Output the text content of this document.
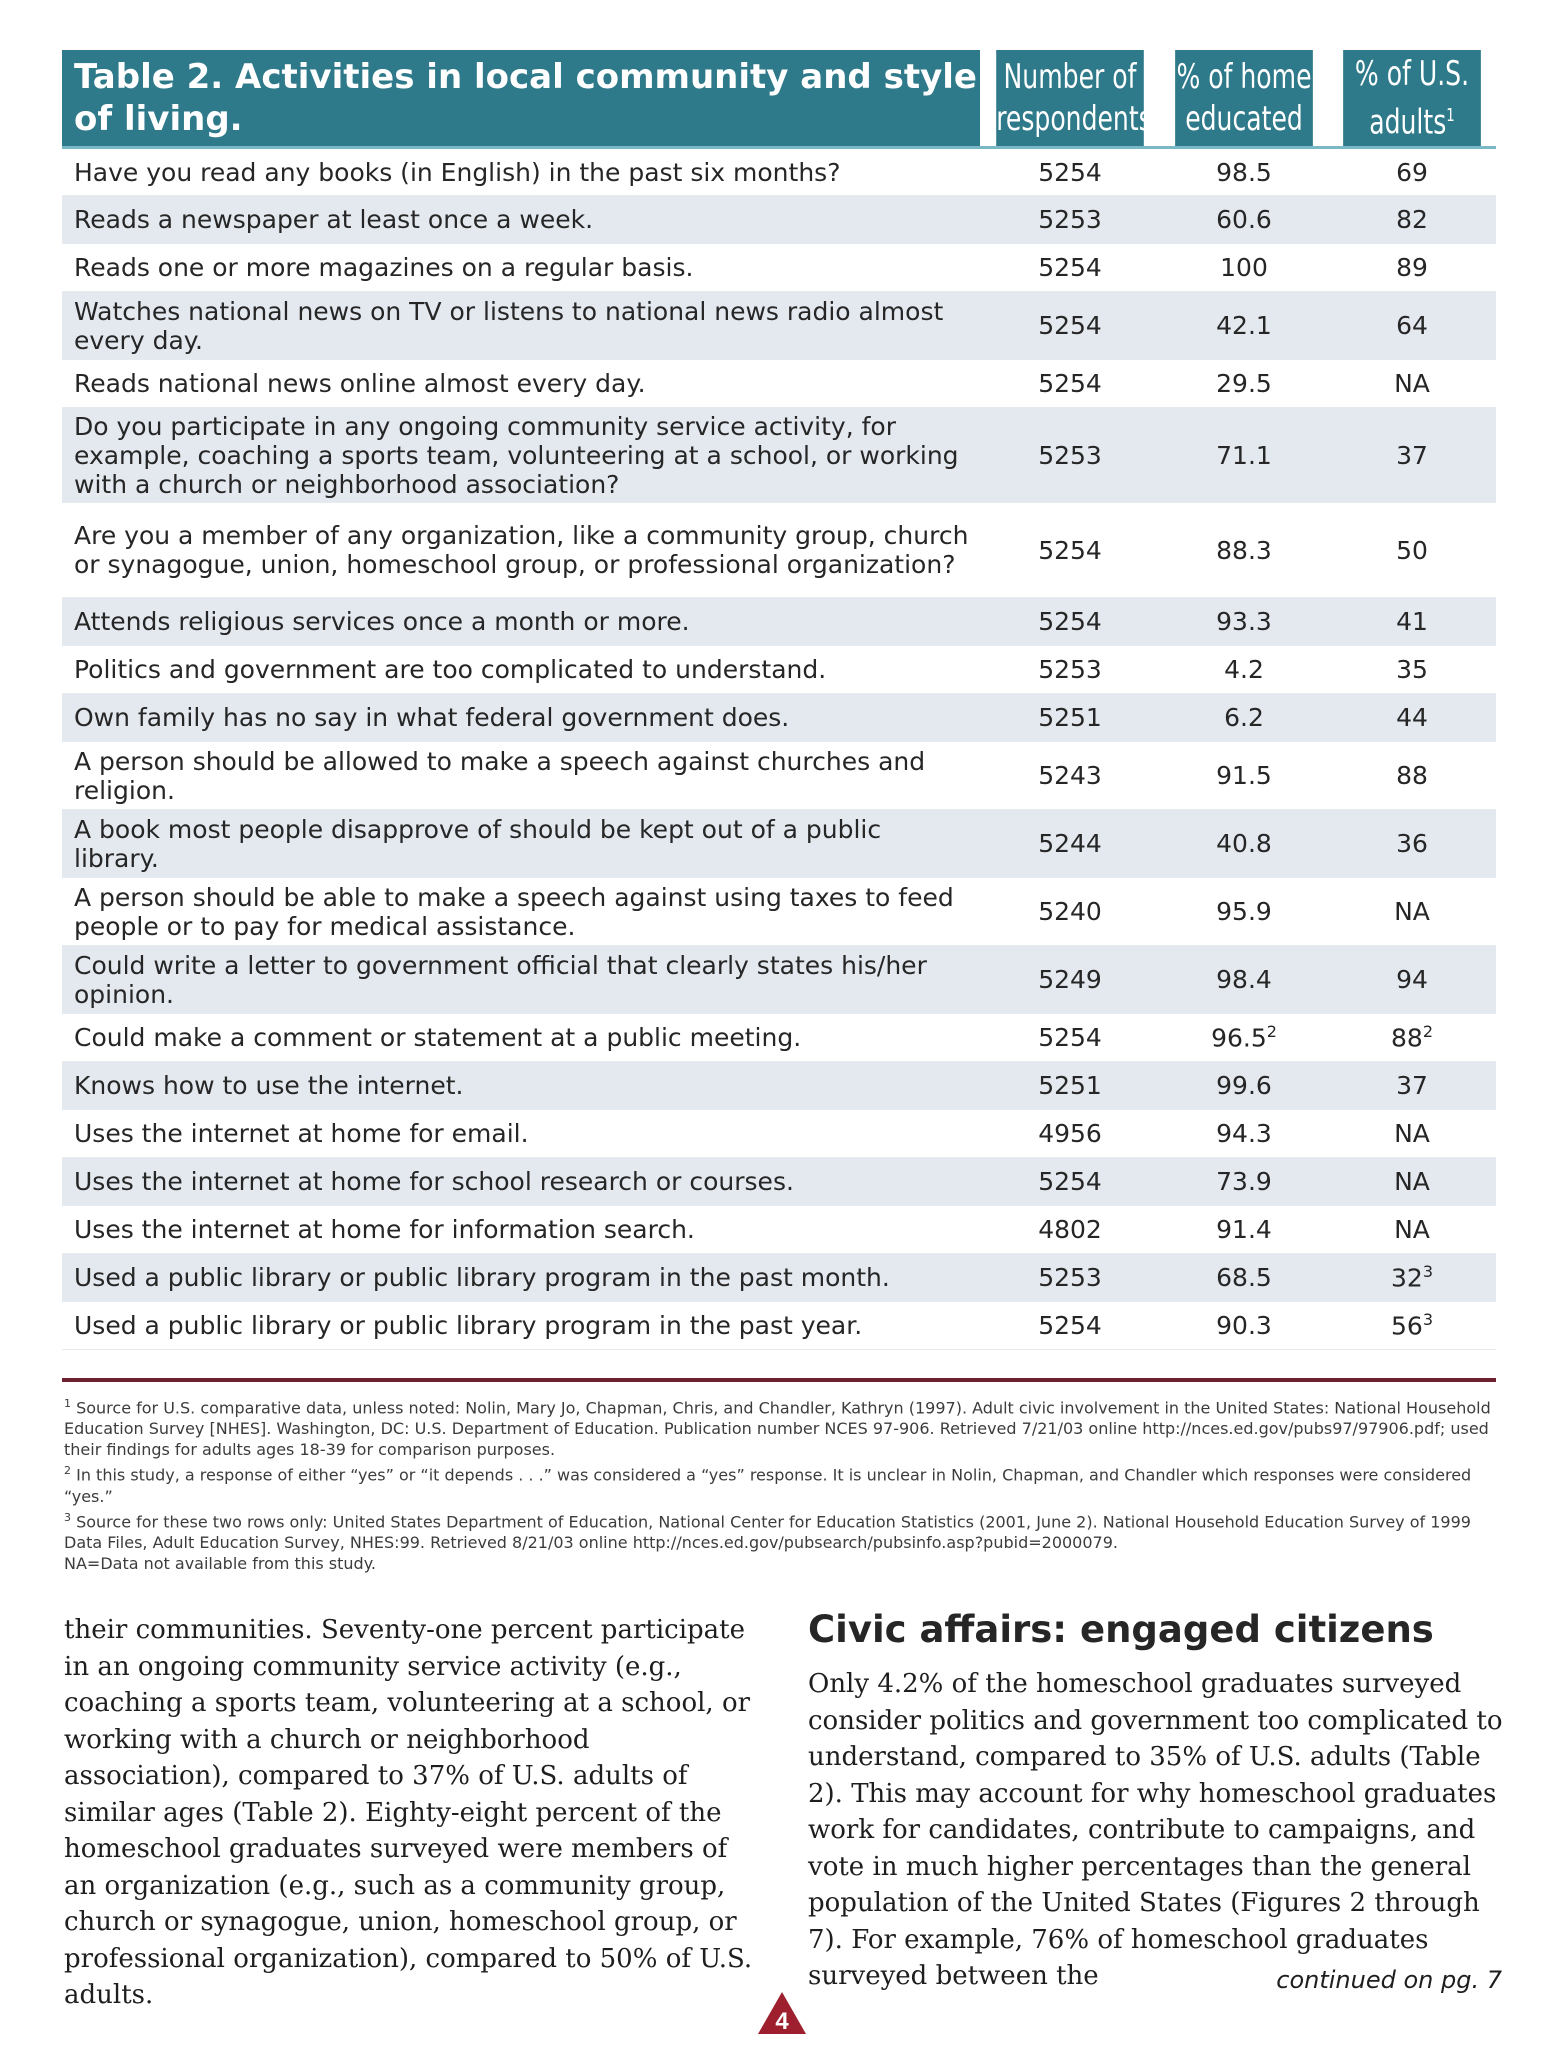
Table 2. Activities in local community and style of living.	Number of respondents	% of home educated	% of U.S. adults$^1$
Have you read any books (in English) in the past six months?	5254	98.5	69
Reads a newspaper at least once a week.	5253	60.6	82
Reads one or more magazines on a regular basis.	5254	100	89
Watches national news on TV or listens to national news radio almost every day.	5254	42.1	64
Reads national news online almost every day.	5254	29.5	NA
Do you participate in any ongoing community service activity, for example, coaching a sports team, volunteering at a school, or working with a church or neighborhood association?	5253	71.1	37
Are you a member of any organization, like a community group, church or synagogue, union, homeschool group, or professional organization?	5254	88.3	50
Attends religious services once a month or more.	5254	93.3	41
Politics and government are too complicated to understand.	5253	4.2	35
Own family has no say in what federal government does.	5251	6.2	44
A person should be allowed to make a speech against churches and religion.	5243	91.5	88
A book most people disapprove of should be kept out of a public library.	5244	40.8	36
A person should be able to make a speech against using taxes to feed people or to pay for medical assistance.	5240	95.9	NA
Could write a letter to government official that clearly states his/her opinion.	5249	98.4	94
Could make a comment or statement at a public meeting.	5254	96.5$^2$	$88^2$
Knows how to use the internet.	5251	99.6	37
Uses the internet at home for email.	4956	94.3	NA
Uses the internet at home for school research or courses.	5254	73.9	NA
Uses the internet at home for information search.	4802	91.4	NA
Used a public library or public library program in the past month.	5253	68.5	$32^3$
Used a public library or public library program in the past year.	5254	90.3	$56^3$

$^1$ Source for U.S. comparative data, unless noted: Nolin, Mary Jo, Chapman, Chris, and Chandler, Kathryn (1997). Adult civic involvement in the United States: National Household Education Survey [NHES]. Washington, DC: U.S. Department of Education. Publication number NCES 97-906. Retrieved 7/21/03 online http://nces.ed.gov/pubs97/97906.pdf; used their findings for adults ages 18-39 for comparison purposes.

$^2$ In this study, a response of either “yes” or “it depends . . .” was considered a “yes” response. It is unclear in Nolin, Chapman, and Chandler which responses were considered “yes.”

$^3$ Source for these two rows only: United States Department of Education, National Center for Education Statistics (2001, June 2). National Household Education Survey of 1999 Data Files, Adult Education Survey, NHES:99. Retrieved 8/21/03 online http://nces.ed.gov/pubsearch/pubsinfo.asp?pubid=2000079.

NA=Data not available from this study.

their communities. Seventy-one percent participate in an ongoing community service activity (e.g., coaching a sports team, volunteering at a school, or working with a church or neighborhood association), compared to 37% of U.S. adults of similar ages (Table 2). Eighty-eight percent of the homeschool graduates surveyed were members of an organization (e.g., such as a community group, church or synagogue, union, homeschool group, or professional organization), compared to 50% of U.S. adults.

Civic affairs: engaged citizens

Only 4.2% of the homeschool graduates surveyed consider politics and government too complicated to understand, compared to 35% of U.S. adults (Table 2). This may account for why homeschool graduates work for candidates, contribute to campaigns, and vote in much higher percentages than the general population of the United States (Figures 2 through 7). For example, 76% of homeschool graduates surveyed between the	continued on pg. 7
4
